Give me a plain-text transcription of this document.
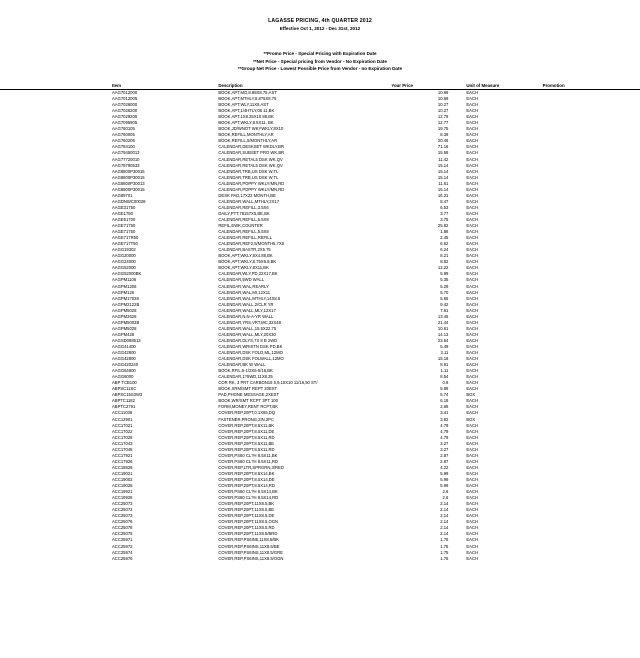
LAGASSE PRICING, 4th QUARTER 2012
Effective Oct 1, 2012 - Dec 31st, 2012
**Promo Price - Special Pricing with Expiration Date
**Net Price - Special pricing from Vendor - No Expiration Date
**Group Net Price - Lowest Possible Price from Vendor - no Expiration Date
Item	Description	Your Price	Unit of Measure	Promotion
AAG7012000	BOOK,APT,MO,8.88X8.75,AST	10.69	EACH	
AAG7012005	BOOK,APT,MTHLY,8.8?5X8.75	10.69	EACH	
AAG7026000	BOOK,APT,WLY,11X9,AST	10.27	EACH	
AAG7026200	BOOK,APT,1/4HTLY,08 11,BK	10.27	EACH	
AAG7029205	BOOK,APT,1X8.25X10.88,BK	12.79	EACH	
AAG7095905	BOOK,APT,WKLY,8.5X11, BK	12.77	EACH	
AAG760105	BOOK,JD/WNOT WKYWKLY,8X10	19.75	EACH	
AAG760005	BOOK,REFILL,MONTHLY,AR	8.39	EACH	
AAG760206	BOOK,REFILL,5/MONTHLY,AR	20.46	EACH	
AAG784100	CALENDAR,DESKSET WKDLY,BR	71.16	EACH	
AAG79450013	CALENDAR,SUBSET PRO WK,BR	15.58	EACH	
AAG77720010	CALENDAR,RETAL5 DSK WK,QV	11.42	EACH	
AAG79790533	CALENDAR,RETAL5 DSK WK,QV	15.14	EACH	
AAG8800P30015	CALENDAR,TRB,US DSK W,TL	15.14	EACH	
AAG8800P30015	CALENDAR,TRB,US DSK W,TL	15.14	EACH	
AAG8800P30013	CALENDAR,POPPY WKLY/MN,RD	11.61	EACH	
AAG8800P30015	CALENDAR,POPPY WKLY/MN,RD	15.14	EACH	
AAG89701	DESK PAD,17X22 MONTH,BE	16.21	EACH	
AAGDNWC00028	CALENDAR,WALL,MTHLY,2X17	8.47	EACH	
AAGE31750	CALENDAR,REFILL,3.5X6	6.53	EACH	
AAGE1780	DAILY,PTT,78157X5,BE,BK	3.77	EACH	
AAGE51700	CALENDAR,REFILL,5.5X8	3.75	EACH	
AAGE71750	REFIL,EWK,COUNTER	25.82	EACH	
AAGE71750	CALENDAR,REFILL,5.5X8	1.86	EACH	
AAGE717R50	CALENDAR,REFILL,REFILL	2.45	EACH	
AAGE717T50	CALENDAR,REF2,5/MONTH5,7X8	6.62	EACH	
AAGG19302	CALENDAR,BASTR,2X5.75	6.24	EACH	
AAGG20000	BOOK,APT,WKLY,8X4.88,BK	8.21	EACH	
AAGG24000	BOOK,APT,WKLY,8.75X6.9,BK	8.82	EACH	
AAGG52000	BOOK,APT,WKLY,8X11,BK	12.22	EACH	
AAGG52000BK	CALENDAR,WLY,PD,22X17,BK	5.99	EACH	
AAGPM1106	CALENDAR,5WD WALL	5.35	EACH	
AAGPM1206	CALENDAR,WAL,REARLY	5.29	EACH	
AAGPM126	CALENDAR,WAL,MI,12X11	5.70	EACH	
AAGPM17028	CALENDAR,WAL,MTHLY,14X8.5	5.65	EACH	
AAGPM2122B	CALENDAR,WALL,2/CLR YR	9.42	EACH	
AAGPM5028	CALENDAR,WALL,MLY,12X17	7.61	EACH	
AAGPM2628	CALENDAR,N.N-A-YR WALL	13.45	EACH	
AAGPM5002B	CALENDAR,YRS,VRT,MC,32X48	21.44	EACH	
AAGPM5028	CALENDAR,WALL,15.5X22.75	10.61	EACH	
AAGPM428	CALENDAR,WALL,MLY,20X30	14.13	EACH	
AAGSD088513	CALENDAR,DLYS,7X 8 B 2WD	23.64	EACH	
AAGG41400	CALENDAR,WRISTN DSK PD,BK	5.49	EACH	
AAGG42800	CALENDAR,DSK FOLD,ML,12MO	3.11	EACH	
AAGG42800	CALENDAR,DSK FOLWALL,12MO	15.18	EACH	
AAGG420240	CALENDAR,BK W WALL	8.91	EACH	
AAGG64800	BOOK,RFIL,5-1/2X6-5/16,BK	1.11	EACH	
AAGG6000	CALENDAR,1?5WD,11X8.25	8.54	EACH	
ABP TCB100	COR RK, 3 PRT CARBON15 5,9,10X10 11/16,50 ST/	0.8	EACH	
ABPSC11SC	BOOK,XRM/SMT REPT 20EST	5.89	EACH	
ABPSC15S3W3	PAD,PHONE MESSAGE,2XEST	5.74	BOX	
ABPTC1182	BOOK,WR/SMT RCPT 3PT 100	6.18	EACH	
ABPTC2791	FORM,MONEY,RENT RCPT,BK	2.69	EACH	
ACC11036	COVER,REP,20PT,0.1X65,DQ	3.41	EACH	
ACC12901	FASTENER,PRONG,2IN,2PC	3.82	BOX	
ACC17021	COVER,REP,20PT,8.5X11,BK	4.79	EACH	
ACC17022	COVER,REP,20PT,8.5X11,DE	4.79	EACH	
ACC17028	COVER,REP,20PT,8.5X11,RD	4.79	EACH	
ACC17043	COVER,REP,20PT,8.5X11,BE	3.27	EACH	
ACC17048	COVER,REP,20PT,8.5X11,RD	3.27	EACH	
ACC17921	COVER,PS60 CL?H 8.5X11,BK	2.87	EACH	
ACC17926	COVER,PS60 CL?H 8.5X11,RD	2.87	EACH	
ACC18828	COVER,REP,LTR,SPRGRN,3/RED	4.22	EACH	
ACC19021	COVER,REP,20PT,8.5X14,BK	5.99	EACH	
ACC19002	COVER,REP,20PT,8.5X14,DE	5.99	EACH	
ACC19028	COVER,REP,20PT,8.5X14,RD	5.99	EACH	
ACC19921	COVER,PS60 CL?H 8.5X14,BK	2.6	EACH	
ACC19928	COVER,PS60 CL?H 8.5X14,RD	2.6	EACH	
ACC25073	COVER,REP,20PT,11X8.5,BK	2.14	EACH	
ACC25072	COVER,REP,20PT,11X8.5,BE	2.14	EACH	
ACC25073	COVER,REP,20PT,11X8.5,DE	2.14	EACH	
ACC25076	COVER,REP,20PT,11X8.5,OGN	2.14	EACH	
ACC25078	COVER,REP,20PT,11X8.5,RD	2.14	EACH	
ACC25075	COVER,REP,20PT,11X8.5/BRD	2.14	EACH	
ACC25971	COVER,REP,PS6IN5,11X8.5/BK	1.75	EACH	
ACC25972	COVER,REP,PS6INS,11X8.5/BE	1.75	EACH	
ACC25974	COVER,REP,PS6INS,11X8.5/GRE	1.75	EACH	
ACC25976	COVER,REP,PS6INS,11X8.5/OGN	1.75	EACH	
